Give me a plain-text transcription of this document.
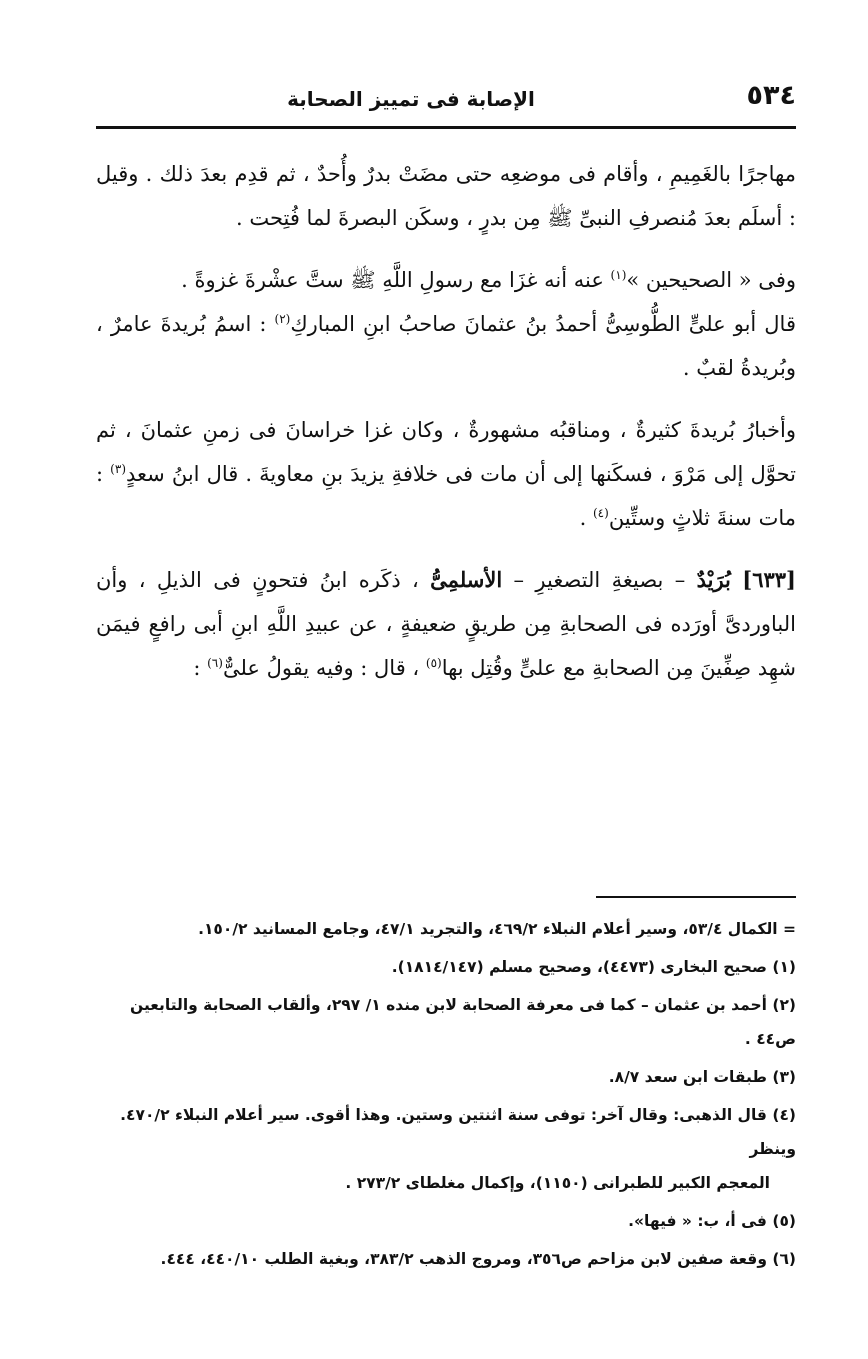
٥٣٤
الإصابة فى تمييز الصحابة

مهاجرًا بالغَمِيمِ ، وأقام فى موضعِه حتى مضَتْ بدرٌ وأُحدٌ ، ثم قدِم بعدَ ذلك . وقيل : أسلَم بعدَ مُنصرفِ النبىِّ ﷺ مِن بدرٍ ، وسكَن البصرةَ لما فُتِحت .

وفى « الصحيحين »$^{(١)}$ عنه أنه غزَا مع رسولِ اللَّهِ ﷺ ستَّ عشْرةَ غزوةً .

قال أبو علىٍّ الطُّوسِىُّ أحمدُ بنُ عثمانَ صاحبُ ابنِ المباركِ$^{(٢)}$ : اسمُ بُريدةَ عامرٌ ، وبُريدةُ لقبٌ .

وأخبارُ بُريدةَ كثيرةٌ ، ومناقبُه مشهورةٌ ، وكان غزا خراسانَ فى زمنِ عثمانَ ، ثم تحوَّل إلى مَرْوَ ، فسكَنها إلى أن مات فى خلافةِ يزيدَ بنِ معاويةَ . قال ابنُ سعدٍ$^{(٣)}$ : مات سنةَ ثلاثٍ وستِّين$^{(٤)}$ .

[٦٣٣] بُرَيْدٌ – بصيغةِ التصغيرِ – الأسلمِىُّ ، ذكَره ابنُ فتحونٍ فى الذيلِ ، وأن الباوردىَّ أورَده فى الصحابةِ مِن طريقٍ ضعيفةٍ ، عن عبيدِ اللَّهِ ابنِ أبى رافعٍ فيمَن شهِد صِفِّينَ مِن الصحابةِ مع علىٍّ وقُتِل بها$^{(٥)}$ ، قال : وفيه يقولُ علىٌّ$^{(٦)}$ :

= الكمال ٥٣/٤، وسير أعلام النبلاء ٤٦٩/٢، والتجريد ٤٧/١، وجامع المسانيد ١٥٠/٢.
(١) صحيح البخارى (٤٤٧٣)، وصحيح مسلم (١٨١٤/١٤٧).
(٢) أحمد بن عثمان – كما فى معرفة الصحابة لابن منده ١/ ٢٩٧، وألقاب الصحابة والتابعين ص٤٤ .
(٣) طبقات ابن سعد ٨/٧.
(٤) قال الذهبى: وقال آخر: توفى سنة اثنتين وستين. وهذا أقوى. سير أعلام النبلاء ٤٧٠/٢. وينظر
المعجم الكبير للطبرانى (١١٥٠)، وإكمال مغلطاى ٢٧٣/٢ .
(٥) فى أ، ب: « فيها».
(٦) وقعة صفين لابن مزاحم ص٣٥٦، ومروج الذهب ٣٨٣/٢، وبغية الطلب ٤٤٠/١٠، ٤٤٤.
